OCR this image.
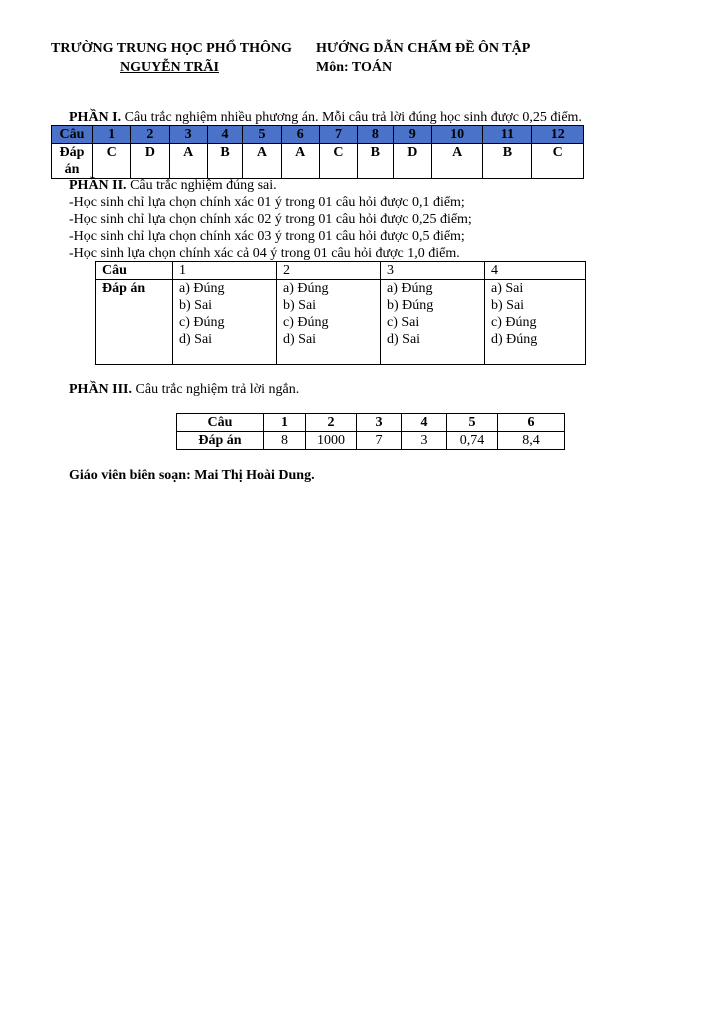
TRƯỜNG TRUNG HỌC PHỔ THÔNG
NGUYỄN TRÃI
HƯỚNG DẪN CHẤM ĐỀ ÔN TẬP
Môn: TOÁN
PHẦN I. Câu trắc nghiệm nhiều phương án. Mỗi câu trả lời đúng học sinh được 0,25 điểm.
Câu	1	2	3	4	5	6	7	8	9	10	11	12
Đáp
án	C	D	A	B	A	A	C	B	D	A	B	C
PHẦN II. Câu trắc nghiệm đúng sai.
-Học sinh chỉ lựa chọn chính xác 01 ý trong 01 câu hỏi được 0,1 điểm;
-Học sinh chỉ lựa chọn chính xác 02 ý trong 01 câu hỏi được 0,25 điểm;
-Học sinh chỉ lựa chọn chính xác 03 ý trong 01 câu hỏi được 0,5 điểm;
-Học sinh lựa chọn chính xác cả 04 ý trong 01 câu hỏi được 1,0 điểm.
Câu	1	2	3	4
Đáp án	a) Đúng
b) Sai
c) Đúng
d) Sai	a) Đúng
b) Sai
c) Đúng
d) Sai	a) Đúng
b) Đúng
c) Sai
d) Sai	a) Sai
b) Sai
c) Đúng
d) Đúng
PHẦN III. Câu trắc nghiệm trả lời ngắn.
Câu	1	2	3	4	5	6
Đáp án	8	1000	7	3	0,74	8,4
Giáo viên biên soạn: Mai Thị Hoài Dung.
